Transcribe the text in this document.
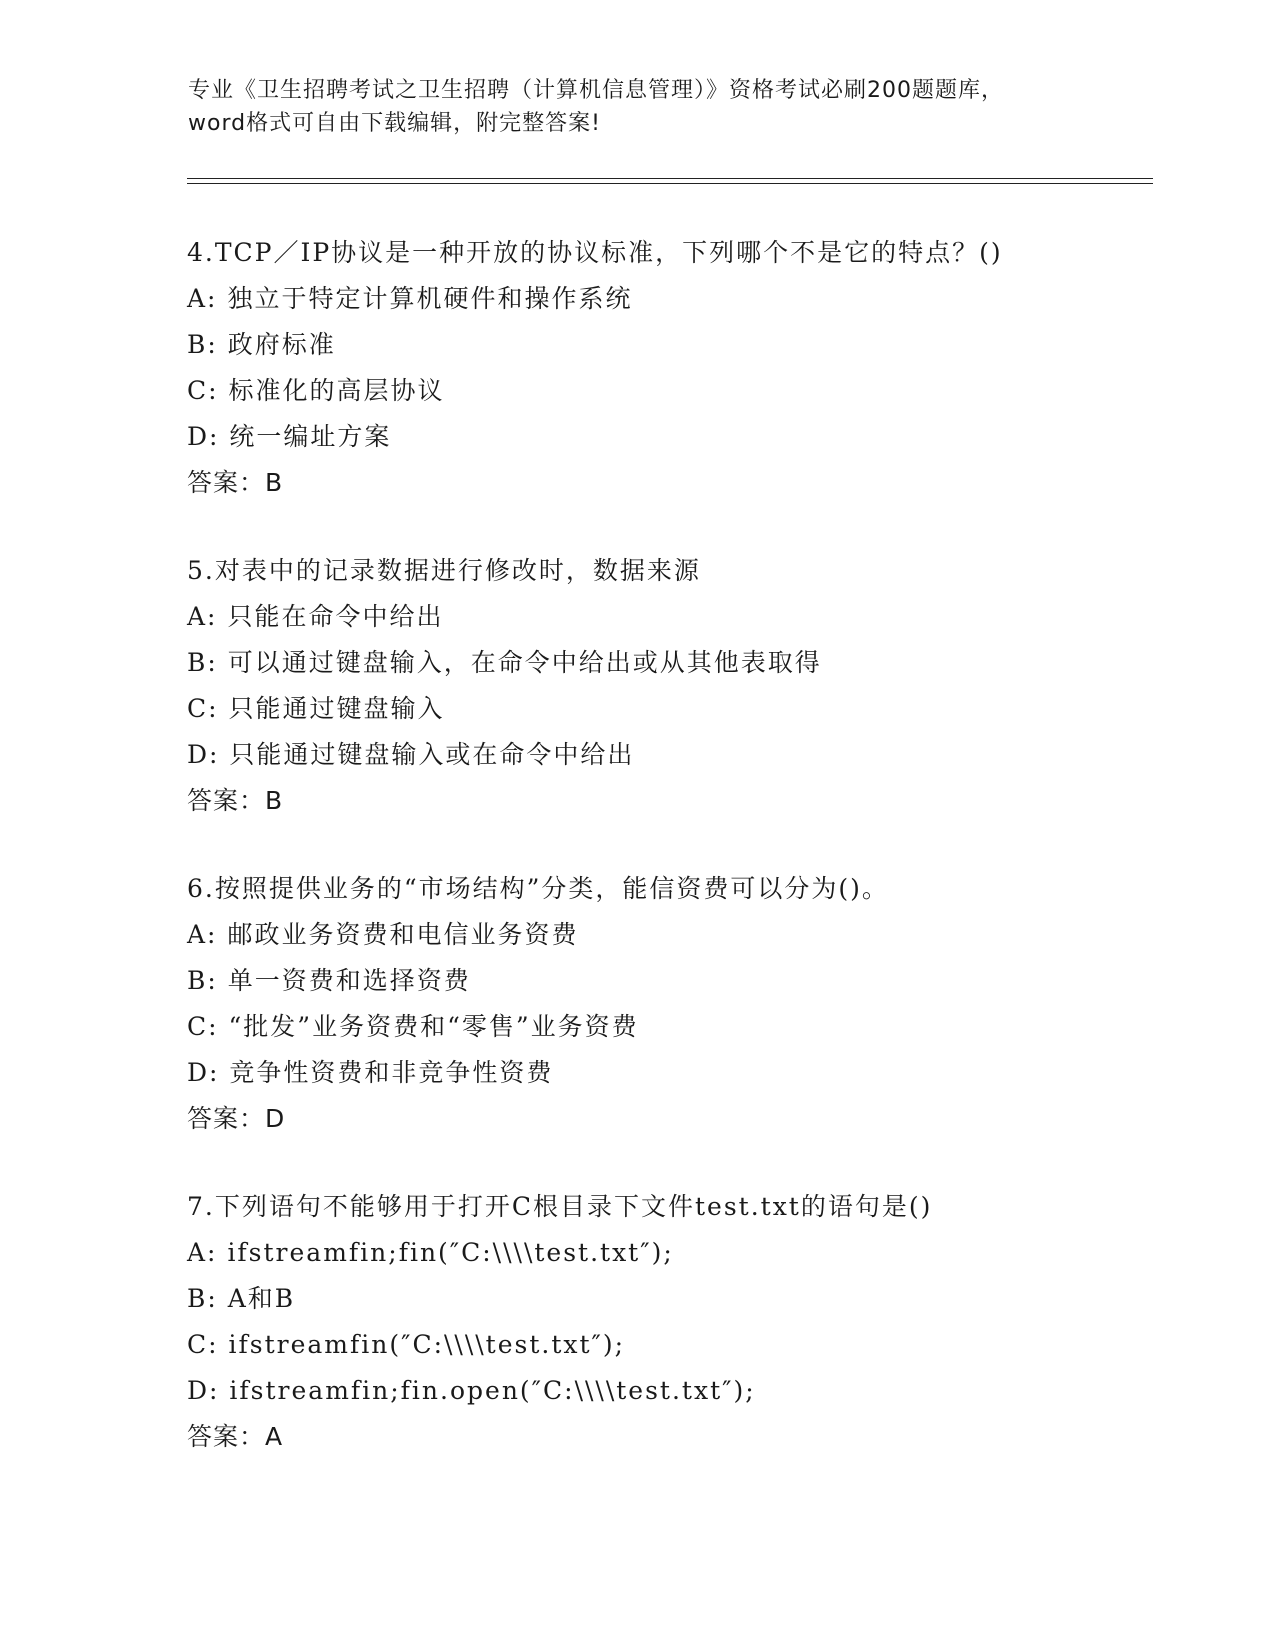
专业《卫生招聘考试之卫生招聘（计算机信息管理）》资格考试必刷200题题库，
word格式可自由下载编辑，附完整答案!
4.TCP／IP协议是一种开放的协议标准，下列哪个不是它的特点？()
A: 独立于特定计算机硬件和操作系统
B: 政府标准
C: 标准化的高层协议
D: 统一编址方案
答案：B
5.对表中的记录数据进行修改时，数据来源
A: 只能在命令中给出
B: 可以通过键盘输入，在命令中给出或从其他表取得
C: 只能通过键盘输入
D: 只能通过键盘输入或在命令中给出
答案：B
6.按照提供业务的“市场结构”分类，能信资费可以分为()。
A: 邮政业务资费和电信业务资费
B: 单一资费和选择资费
C: “批发”业务资费和“零售”业务资费
D: 竞争性资费和非竞争性资费
答案：D
7.下列语句不能够用于打开C根目录下文件test.txt的语句是()
A: ifstreamfin;fin(″C:\\\\test.txt″);
B: A和B
C: ifstreamfin(″C:\\\\test.txt″);
D: ifstreamfin;fin.open(″C:\\\\test.txt″);
答案：A
